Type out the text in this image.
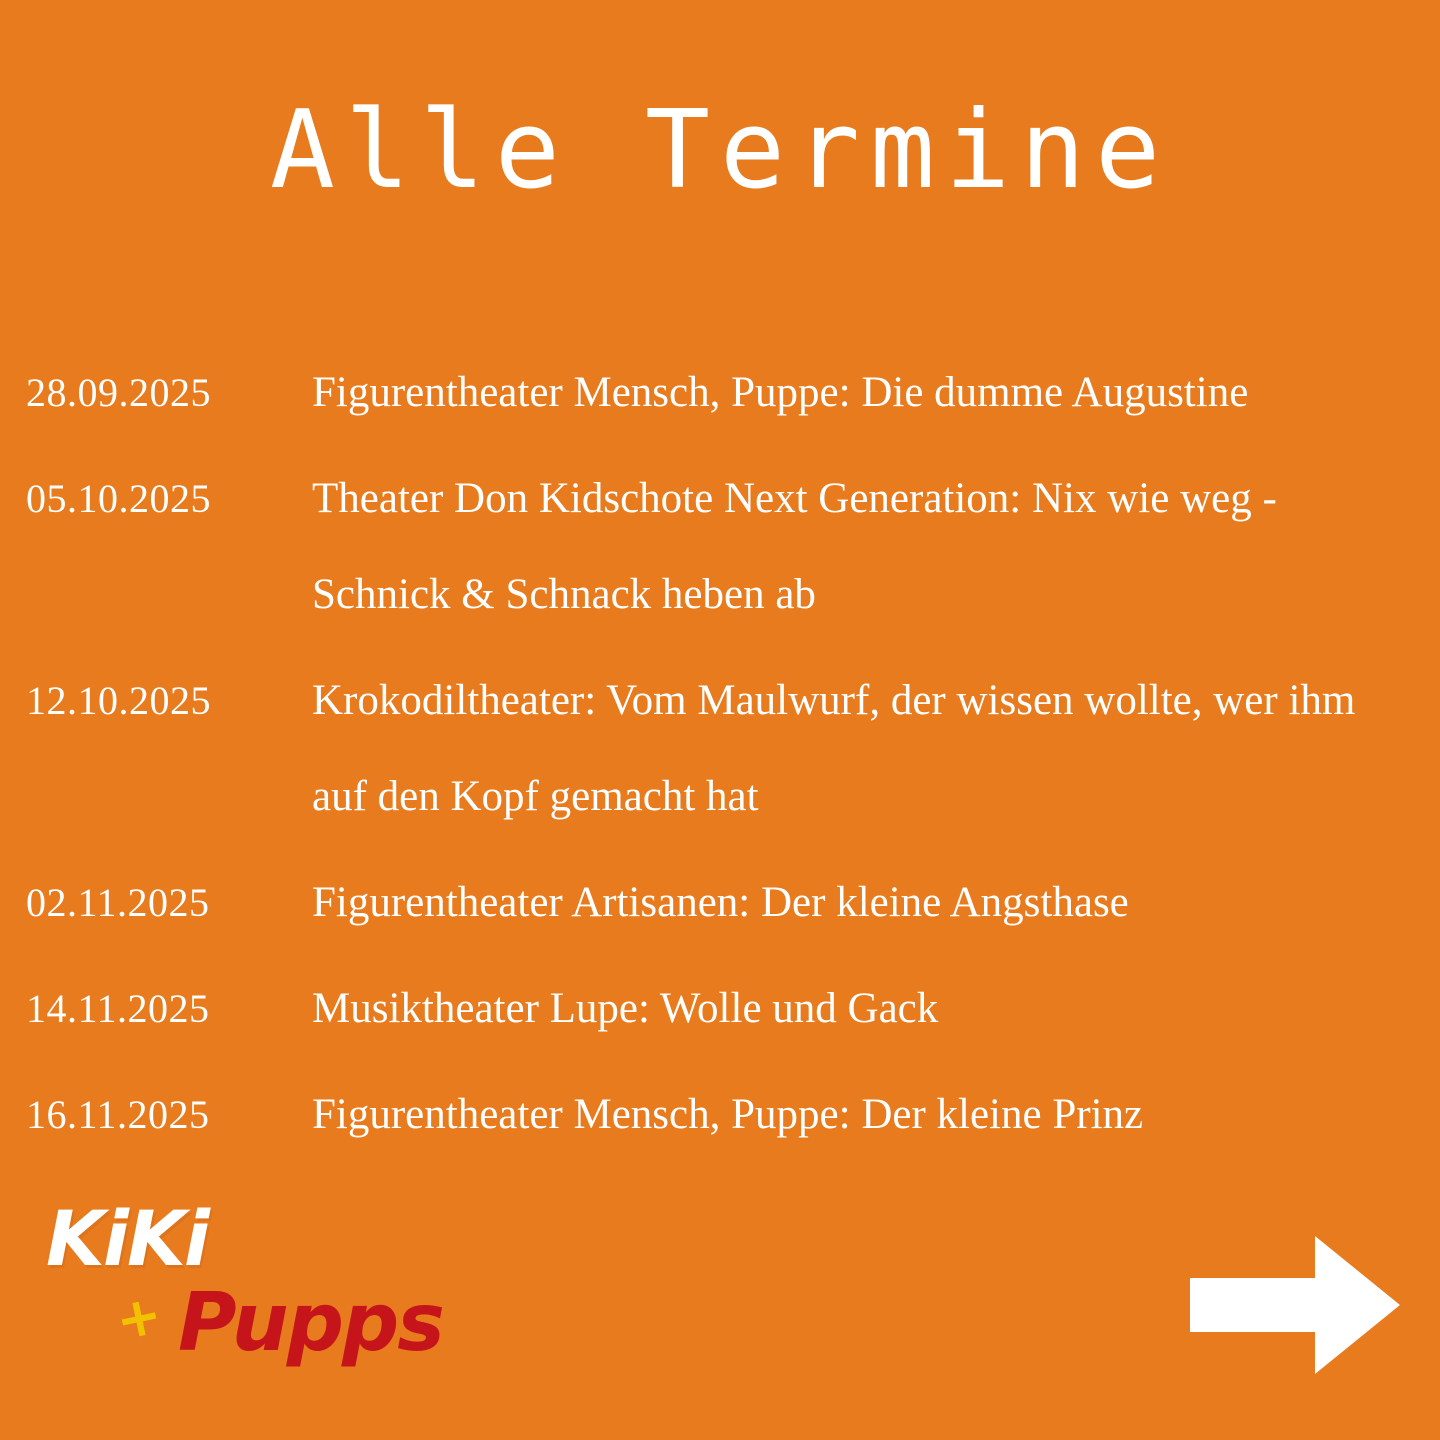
Alle Termine
28.09.2025	Figurentheater Mensch, Puppe: Die dumme Augustine
05.10.2025	Theater Don Kidschote Next Generation: Nix wie weg - Schnick & Schnack heben ab
12.10.2025	Krokodiltheater: Vom Maulwurf, der wissen wollte, wer ihm auf den Kopf gemacht hat
02.11.2025	Figurentheater Artisanen: Der kleine Angsthase
14.11.2025	Musiktheater Lupe: Wolle und Gack
16.11.2025	Figurentheater Mensch, Puppe: Der kleine Prinz
KiKi
+ Pupps
